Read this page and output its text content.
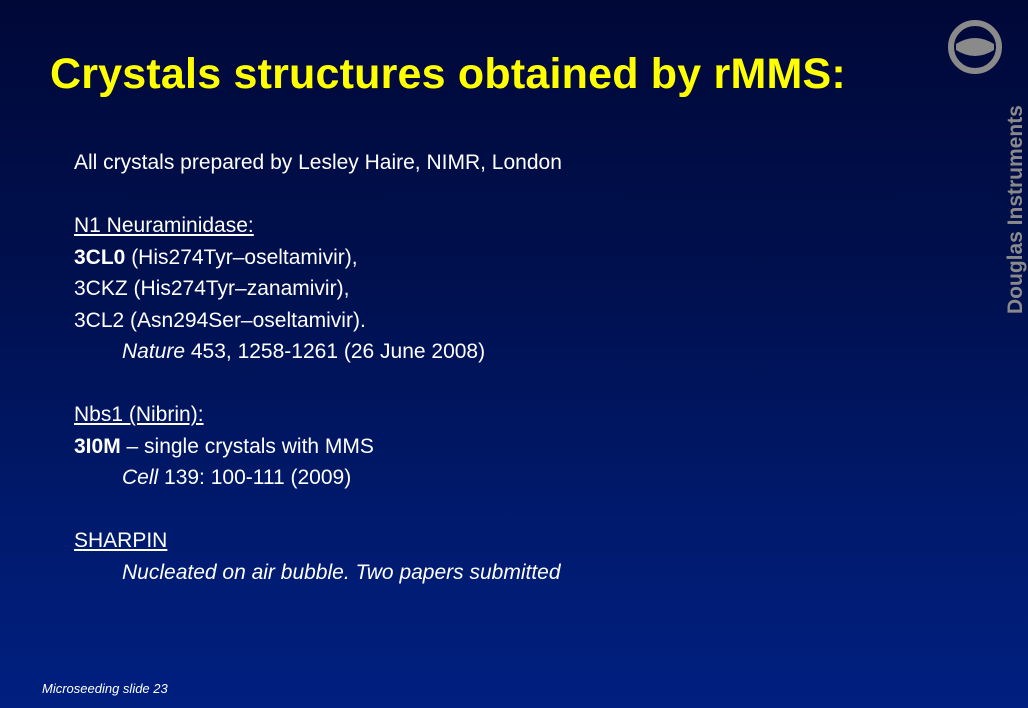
Crystals structures obtained by rMMS:
Douglas Instruments
All crystals prepared by Lesley Haire, NIMR, London
N1 Neuraminidase:
3CL0 (His274Tyr–oseltamivir),
3CKZ (His274Tyr–zanamivir),
3CL2 (Asn294Ser–oseltamivir).
Nature 453, 1258-1261 (26 June 2008)
Nbs1 (Nibrin):
3I0M – single crystals with MMS
Cell 139: 100-111 (2009)
SHARPIN
Nucleated on air bubble. Two papers submitted
Microseeding slide 23
